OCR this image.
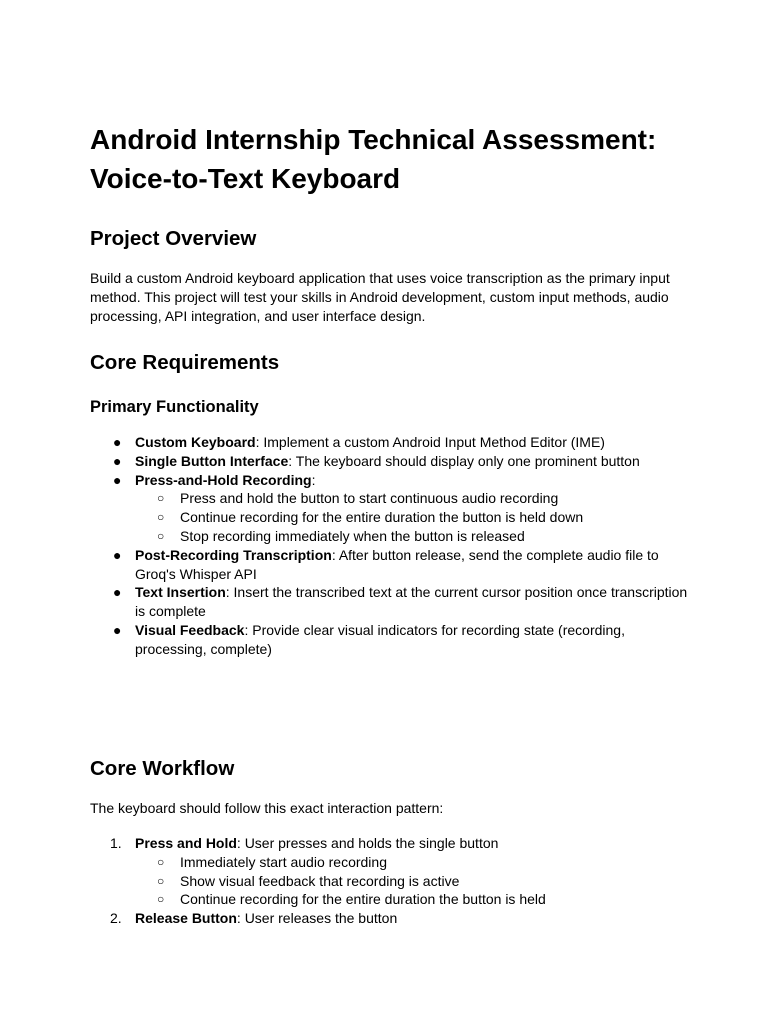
Android Internship Technical Assessment: Voice-to-Text Keyboard
Project Overview

Build a custom Android keyboard application that uses voice transcription as the primary input method. This project will test your skills in Android development, custom input methods, audio processing, API integration, and user interface design.

Core Requirements
Primary Functionality
● Custom Keyboard: Implement a custom Android Input Method Editor (IME)
● Single Button Interface: The keyboard should display only one prominent button
● Press-and-Hold Recording:
○ Press and hold the button to start continuous audio recording
○ Continue recording for the entire duration the button is held down
○ Stop recording immediately when the button is released
● Post-Recording Transcription: After button release, send the complete audio file to Groq's Whisper API
● Text Insertion: Insert the transcribed text at the current cursor position once transcription is complete
● Visual Feedback: Provide clear visual indicators for recording state (recording, processing, complete)
Core Workflow

The keyboard should follow this exact interaction pattern:

1. Press and Hold: User presses and holds the single button
○ Immediately start audio recording
○ Show visual feedback that recording is active
○ Continue recording for the entire duration the button is held
2. Release Button: User releases the button
